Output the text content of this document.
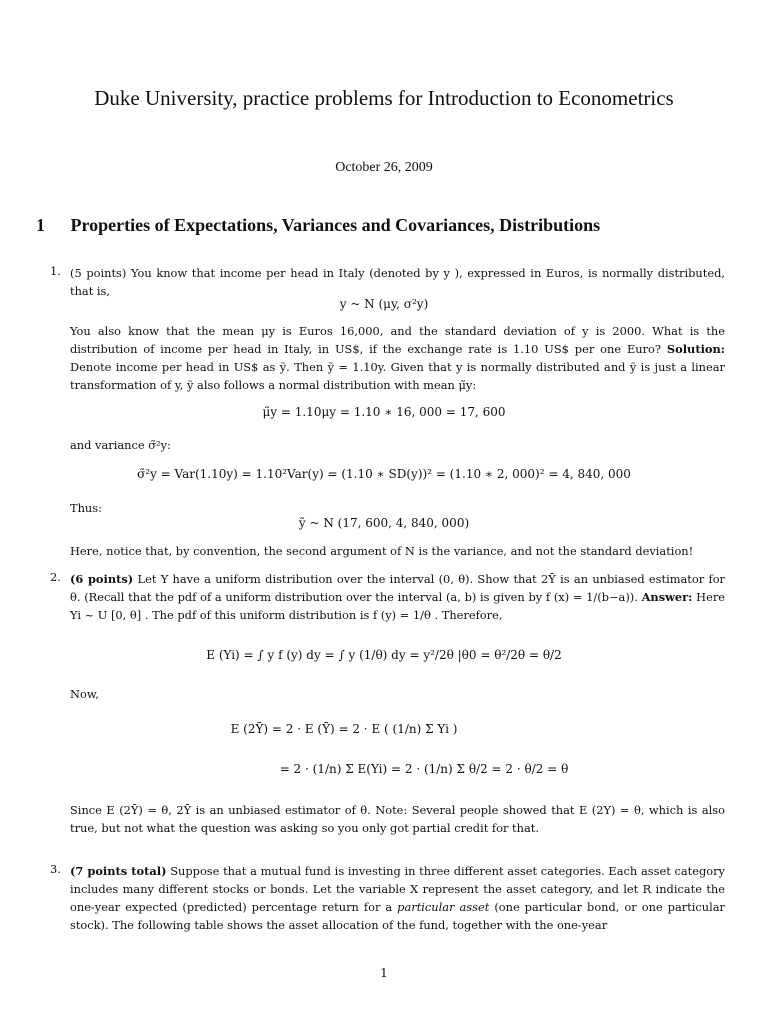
Duke University, practice problems for Introduction to Econometrics
October 26, 2009
1 Properties of Expectations, Variances and Covariances, Distributions
1. (5 points) You know that income per head in Italy (denoted by y ), expressed in Euros, is normally distributed, that is,
y ~ N (μy, σ²y)
You also know that the mean μy is Euros 16,000, and the standard deviation of y is 2000. What is the distribution of income per head in Italy, in US$, if the exchange rate is 1.10 US$ per one Euro? Solution: Denote income per head in US$ as ỹ. Then ỹ = 1.10y. Given that y is normally distributed and ỹ is just a linear transformation of y, ỹ also follows a normal distribution with mean μ̃y:
μ̃y = 1.10μy = 1.10 ∗ 16, 000 = 17, 600
and variance σ̃²y:
σ̃²y = Var(1.10y) = 1.10²Var(y) = (1.10 ∗ SD(y))² = (1.10 ∗ 2, 000)² = 4, 840, 000
Thus:
ỹ ~ N (17, 600, 4, 840, 000)
Here, notice that, by convention, the second argument of N is the variance, and not the standard deviation!
2. (6 points) Let Y have a uniform distribution over the interval (0, θ). Show that 2Ȳ is an unbiased estimator for θ. (Recall that the pdf of a uniform distribution over the interval (a, b) is given by f (x) = 1/(b−a)). Answer: Here Yi ~ U [0, θ] . The pdf of this uniform distribution is f (y) = 1/θ . Therefore,
E (Yi) = ∫ y f (y) dy = ∫ y (1/θ) dy = y²/2θ |θ0 = θ²/2θ = θ/2
Now,
E (2Ȳ) = 2 · E (Ȳ) = 2 · E ( (1/n) Σ Yi )
= 2 · (1/n) Σ E(Yi) = 2 · (1/n) Σ θ/2 = 2 · θ/2 = θ
Since E (2Ȳ) = θ, 2Ȳ is an unbiased estimator of θ. Note: Several people showed that E (2Y) = θ, which is also true, but not what the question was asking so you only got partial credit for that.
3. (7 points total) Suppose that a mutual fund is investing in three different asset categories. Each asset category includes many different stocks or bonds. Let the variable X represent the asset category, and let R indicate the one-year expected (predicted) percentage return for a particular asset (one particular bond, or one particular stock). The following table shows the asset allocation of the fund, together with the one-year
1
